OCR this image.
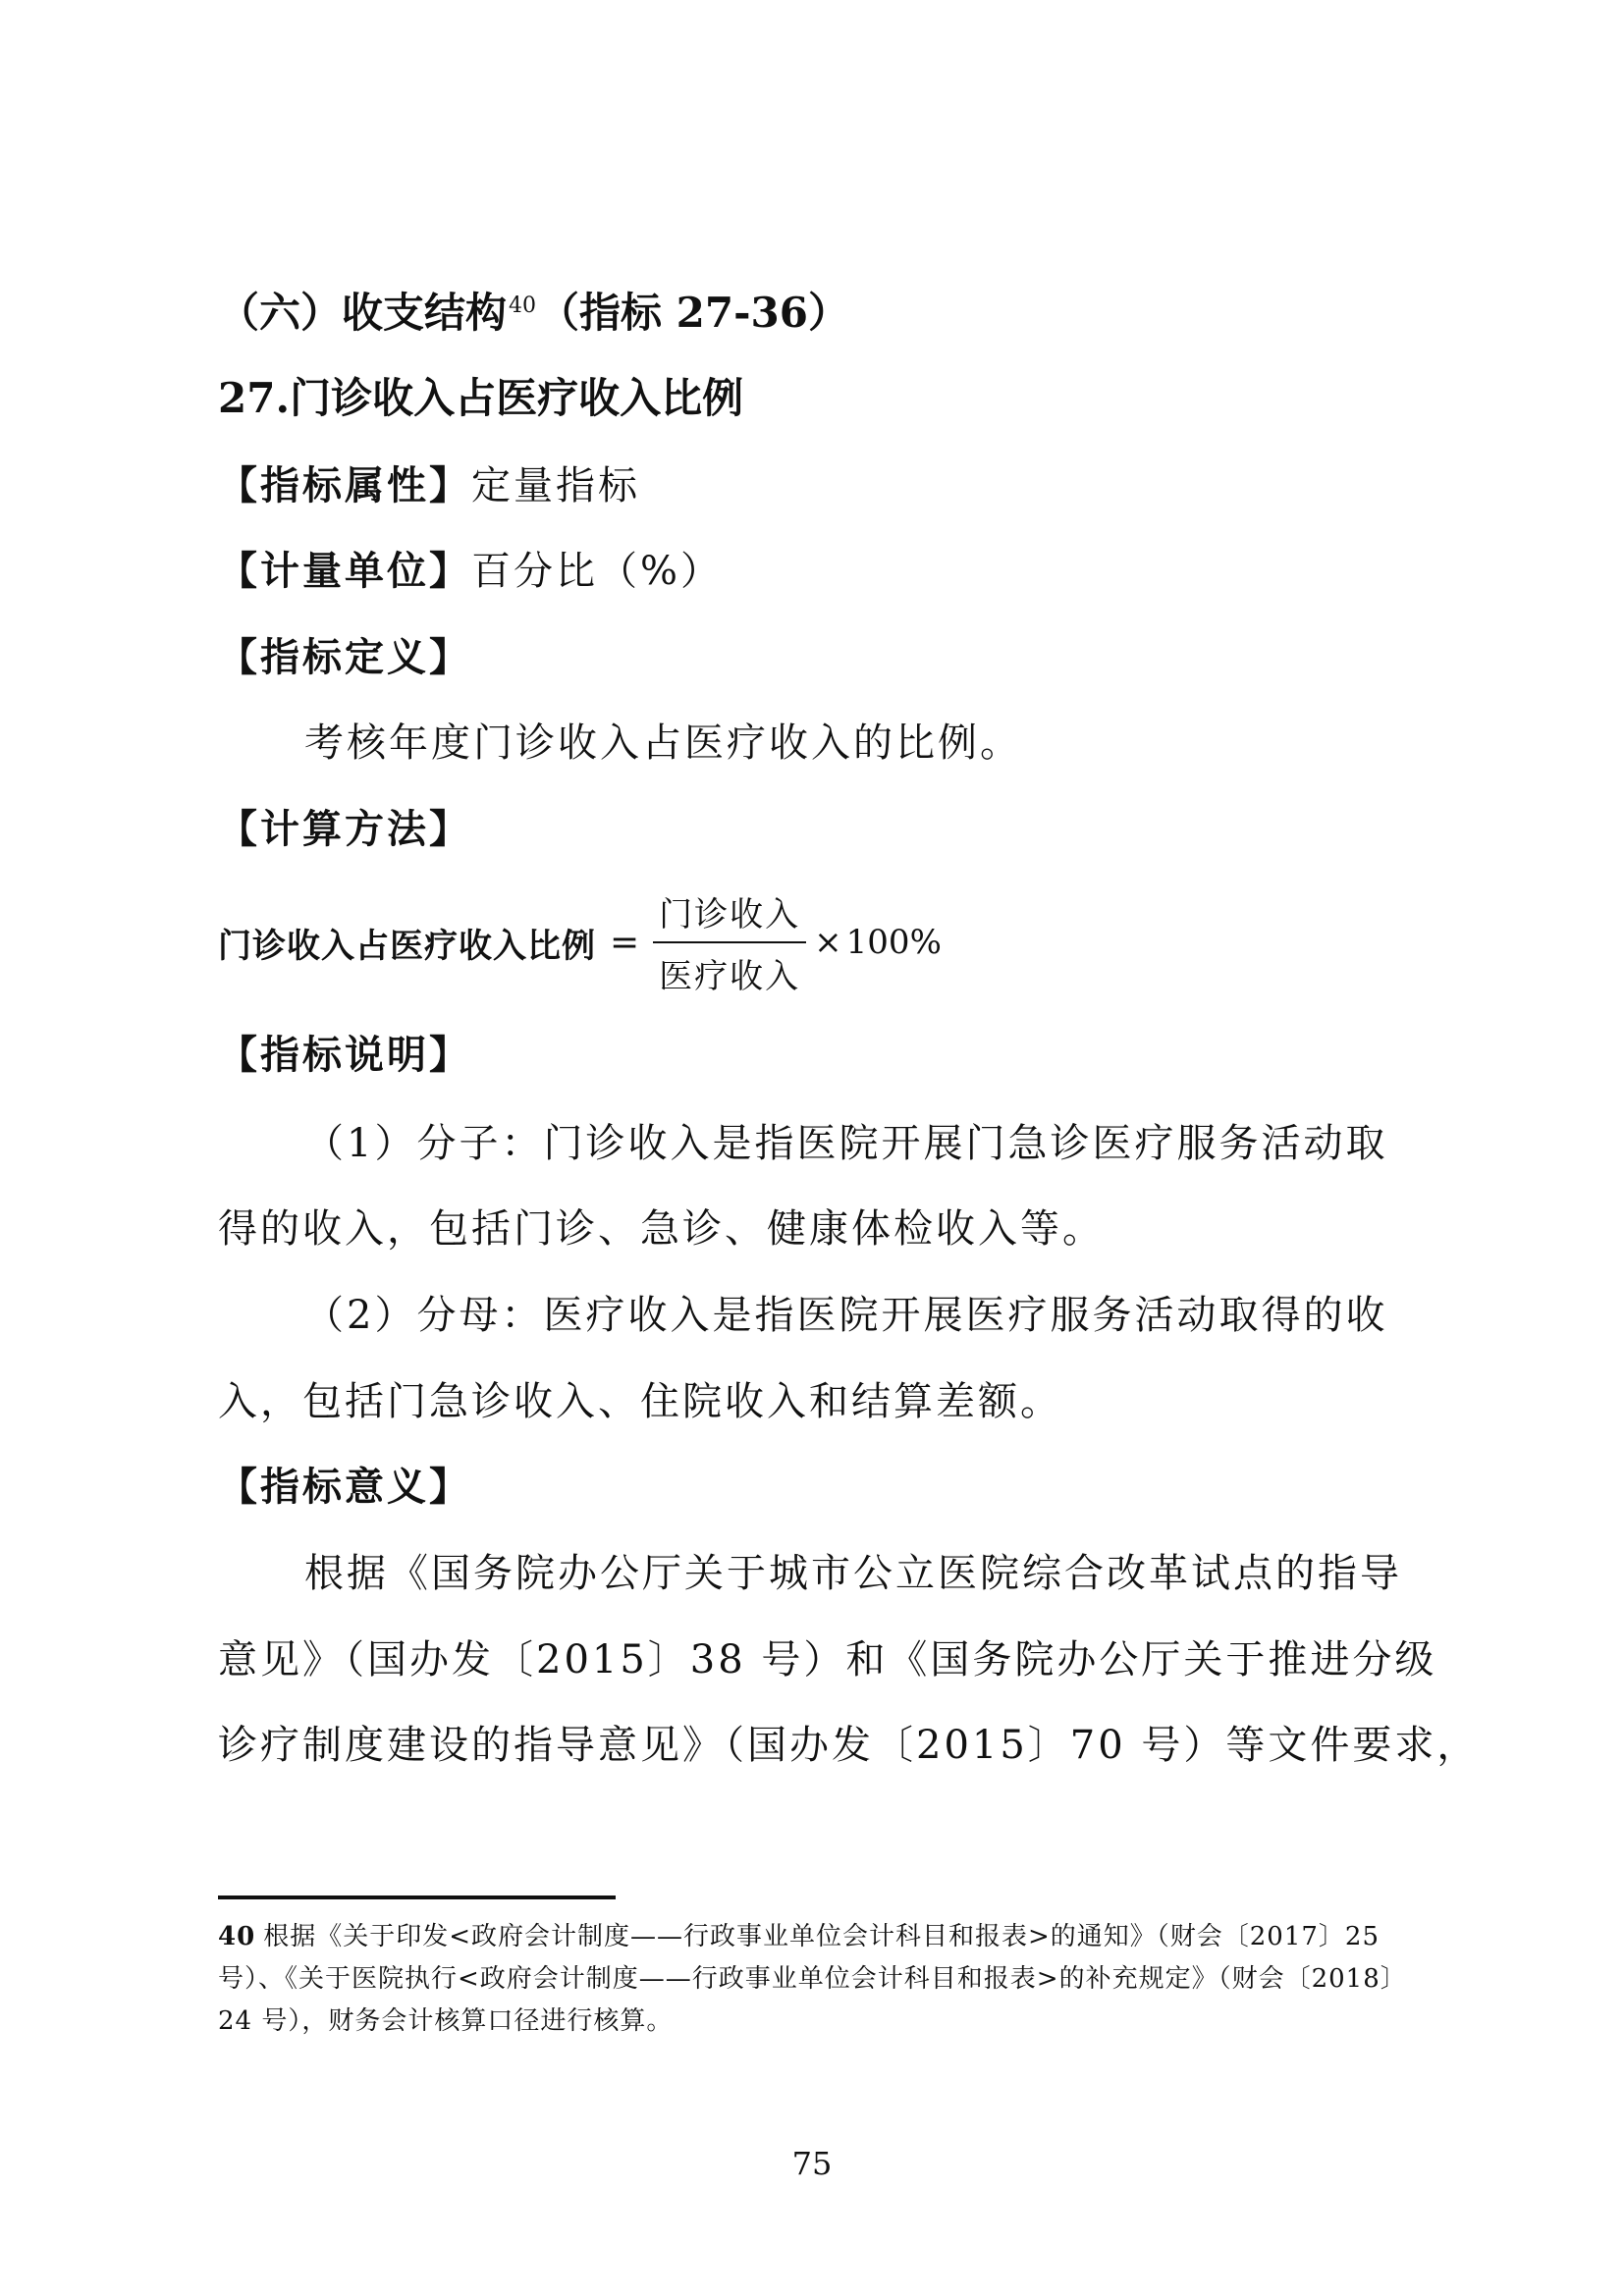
（六）收支结构$^{40}$（指标 27-36）
27.门诊收入占医疗收入比例
【指标属性】定量指标
【计量单位】百分比（%）
【指标定义】
考核年度门诊收入占医疗收入的比例。
【计算方法】
门诊收入占医疗收入比例 = $\frac{\text{门诊收入}}{\text{医疗收入}} \times 100\%$
【指标说明】
（1）分子：门诊收入是指医院开展门急诊医疗服务活动取
得的收入，包括门诊、急诊、健康体检收入等。
（2）分母：医疗收入是指医院开展医疗服务活动取得的收
入，包括门急诊收入、住院收入和结算差额。
【指标意义】
根据《国务院办公厅关于城市公立医院综合改革试点的指导
意见》（国办发〔2015〕38 号）和《国务院办公厅关于推进分级
诊疗制度建设的指导意见》（国办发〔2015〕70 号）等文件要求，
40 根据《关于印发<政府会计制度——行政事业单位会计科目和报表>的通知》（财会〔2017〕25
号）、《关于医院执行<政府会计制度——行政事业单位会计科目和报表>的补充规定》（财会〔2018〕
24 号），财务会计核算口径进行核算。
75
